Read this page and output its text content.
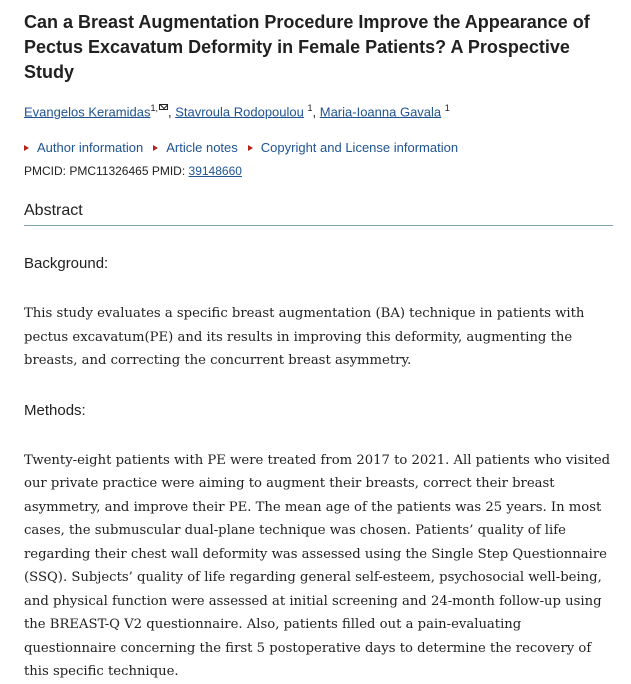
Can a Breast Augmentation Procedure Improve the Appearance of Pectus Excavatum Deformity in Female Patients? A Prospective Study
Evangelos Keramidas$^{1,}$ , Stavroula Rodopoulou $^1$, Maria-Ioanna Gavala $^1$
Author information Article notes Copyright and License information
PMCID: PMC11326465 PMID: 39148660
Abstract
Background:

This study evaluates a specific breast augmentation (BA) technique in patients with pectus excavatum(PE) and its results in improving this deformity, augmenting the breasts, and correcting the concurrent breast asymmetry.

Methods:

Twenty-eight patients with PE were treated from 2017 to 2021. All patients who visited our private practice were aiming to augment their breasts, correct their breast asymmetry, and improve their PE. The mean age of the patients was 25 years. In most cases, the submuscular dual-plane technique was chosen. Patients’ quality of life regarding their chest wall deformity was assessed using the Single Step Questionnaire (SSQ). Subjects’ quality of life regarding general self-esteem, psychosocial well-being, and physical function were assessed at initial screening and 24-month follow-up using the BREAST-Q V2 questionnaire. Also, patients filled out a pain-evaluating questionnaire concerning the first 5 postoperative days to determine the recovery of this specific technique.
